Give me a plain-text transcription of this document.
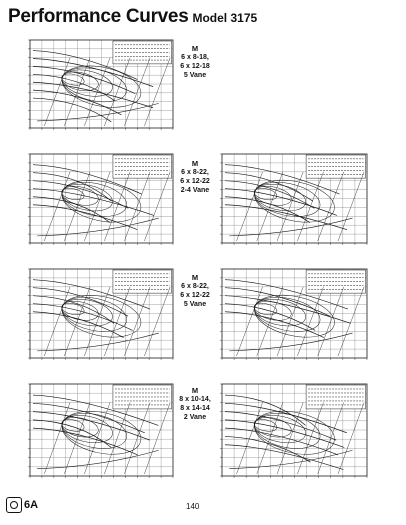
Performance Curves Model 3175
M
6 x 8-18,
6 x 12-18
5 Vane
M
6 x 8-22,
6 x 12-22
2-4 Vane
M
6 x 8-22,
6 x 12-22
5 Vane
M
8 x 10-14,
8 x 14-14
2 Vane
6A	140
